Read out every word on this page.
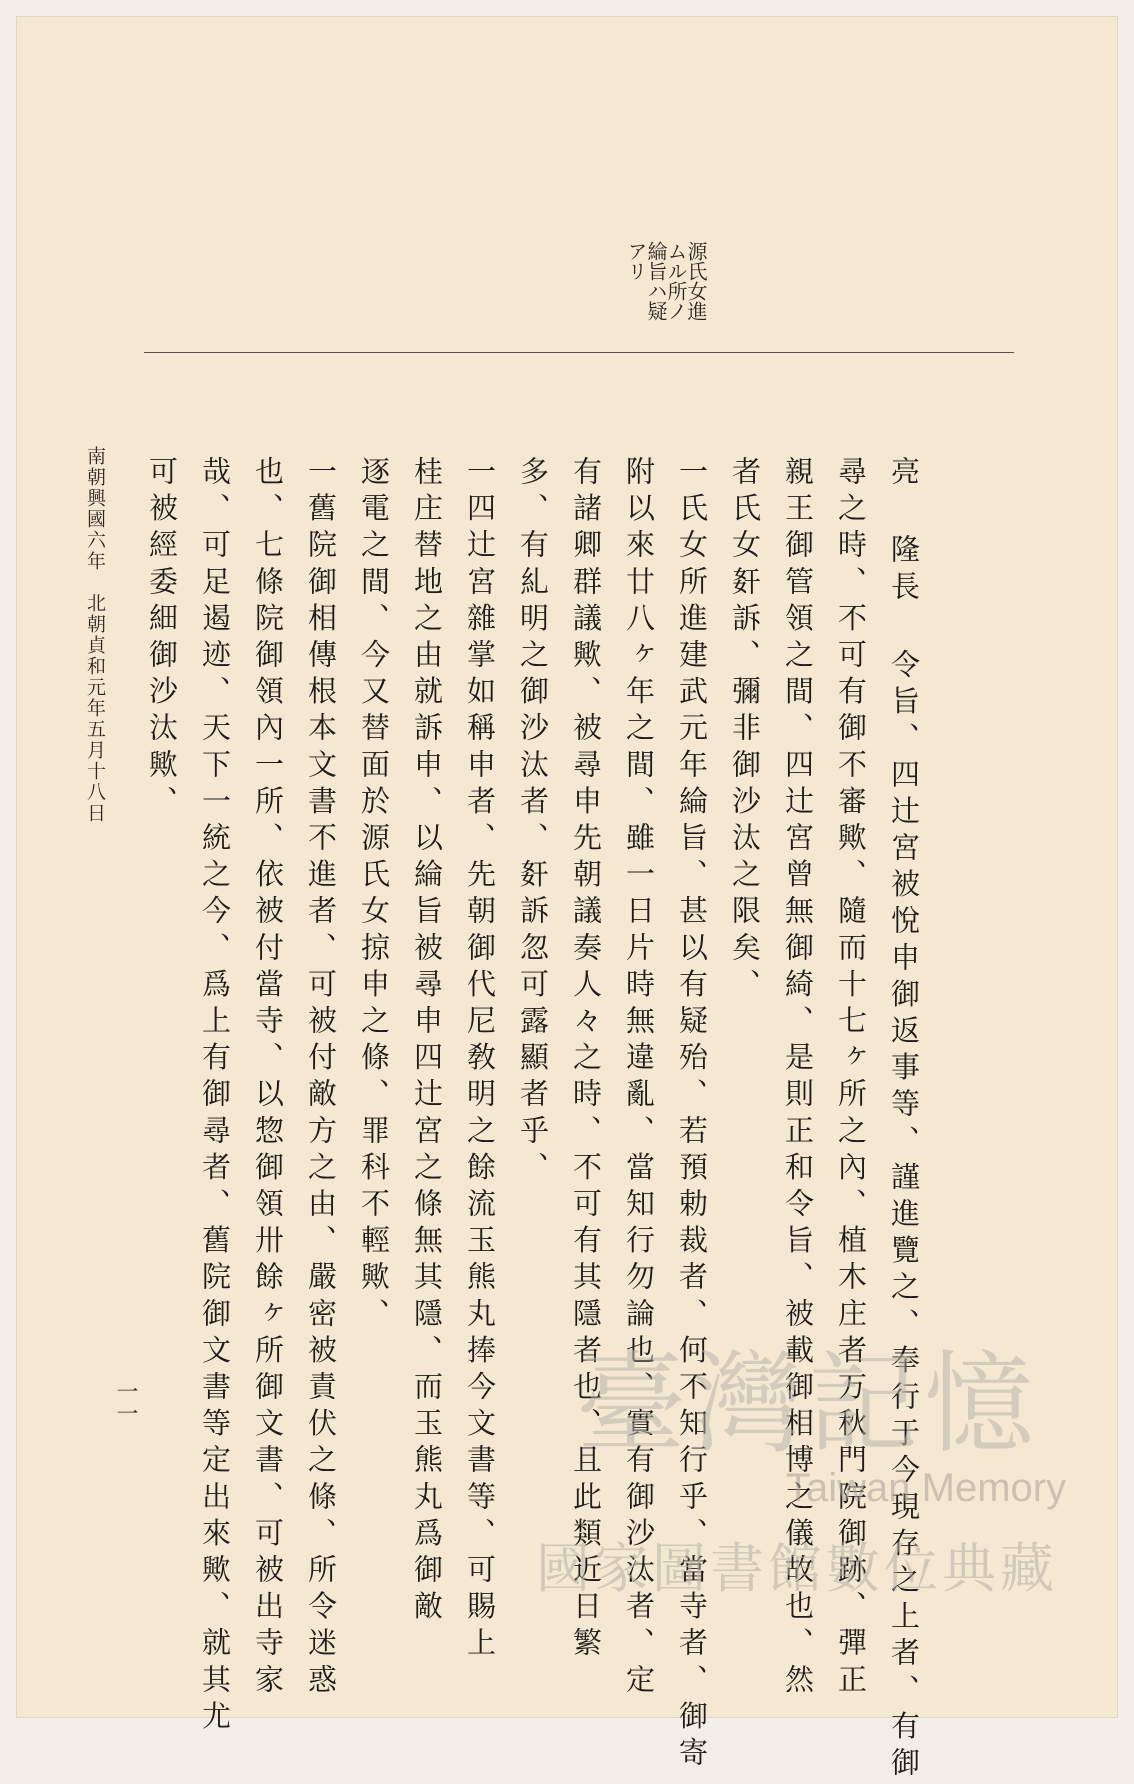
源氏女進
ムル所ノ
綸旨ハ疑
アリ
亮 隆長 令旨、四辻宮被悅申御返事等、謹進覽之、奉行于今現存之上者、有御
尋之時、不可有御不審歟、隨而十七ヶ所之內、植木庄者万秋門院御跡、彈正
親王御管領之間、四辻宮曾無御綺、是則正和令旨、被載御相博之儀故也、然
者氏女姧訴、彌非御沙汰之限矣、
一氏女所進建武元年綸旨、甚以有疑殆、若預勅裁者、何不知行乎、當寺者、御寄
附以來廿八ヶ年之間、雖一日片時無違亂、當知行勿論也、實有御沙汰者、定
有諸卿群議歟、被尋申先朝議奏人々之時、不可有其隱者也、且此類近日繁
多、有糺明之御沙汰者、姧訴忽可露顯者乎、
一四辻宮雜掌如稱申者、先朝御代尼敎明之餘流玉熊丸捧今文書等、可賜上
桂庄替地之由就訴申、以綸旨被尋申四辻宮之條無其隱、而玉熊丸爲御敵
逐電之間、今又替面於源氏女掠申之條、罪科不輕歟、
一舊院御相傳根本文書不進者、可被付敵方之由、嚴密被責伏之條、所令迷惑
也、七條院御領內一所、依被付當寺、以惣御領卅餘ヶ所御文書、可被出寺家
哉、可足遏迹、天下一統之今、爲上有御尋者、舊院御文書等定出來歟、就其尤
可被經委細御沙汰歟、
南朝興國六年　北朝貞和元年五月十八日
一一	臺灣記憶
Taiwan Memory
國家圖書館數位典藏
